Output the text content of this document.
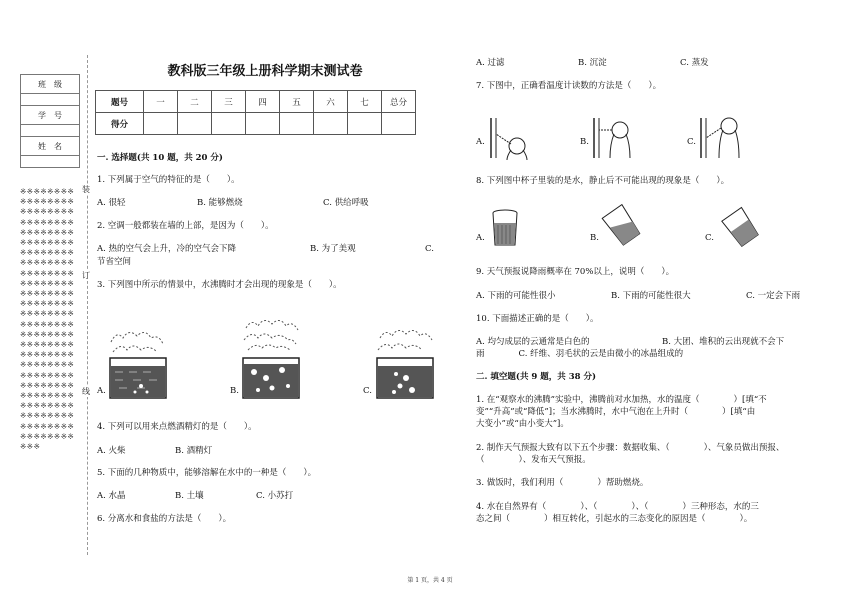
班　级

学　号

姓　名

※※※※※※※※※※※※※※※※※※※※※※※※※※※※※※※※※※※※※※※※※※※※※※※※※※※※※※※※※※※※※※※※※※※※※※※※※※※※※※※※※※※※※※※※※※※※※※※※※※※※※※※※※※※※※※※※※※※※※※※※※※※※※※※※※※※※※※※※※※※※※※※※※※※※※※※※※※※※※※※※※※※※※※※※※※※※※※※※※※※※※※※※※※※※※※※※※※※※※※※※※※※
装
订
线
教科版三年级上册科学期末测试卷
题号	一	二	三	四	五	六	七	总分
得分								
一. 选择题(共 10 题，共 20 分)
1. 下列属于空气的特征的是（　　）。
A. 很轻	B. 能够燃烧	C. 供给呼吸
2. 空调一般都装在墙的上部，是因为（　　）。
A. 热的空气会上升，冷的空气会下降	B. 为了美观	C.
节省空间
3. 下列图中所示的情景中，水沸腾时才会出现的现象是（　　）。
A.	B.	C.
4. 下列可以用来点燃酒精灯的是（　　）。
A. 火柴	B. 酒精灯
5. 下面的几种物质中，能够溶解在水中的一种是（　　）。
A. 水晶	B. 土壤	C. 小苏打
6. 分离水和食盐的方法是（　　）。
A. 过滤	B. 沉淀	C. 蒸发
7. 下图中，正确看温度计读数的方法是（　　）。
A.	B.	C.
8. 下列图中杯子里装的是水，静止后不可能出现的现象是（　　）。
A.	B.	C.
9. 天气预报说降雨概率在 70%以上，说明（　　）。
A. 下雨的可能性很小	B. 下雨的可能性很大	C. 一定会下雨
10. 下面描述正确的是（　　）。
A. 均匀成层的云通常是白色的	B. 大团、堆积的云出现就不会下
雨　　　　C. 纤维、羽毛状的云是由微小的冰晶组成的
二. 填空题(共 9 题，共 38 分)
1. 在“观察水的沸腾”实验中，沸腾前对水加热，水的温度（　　　　）[填“不
变”“升高”或“降低”]；当水沸腾时，水中气泡在上升时（　　　　）[填“由
大变小”或“由小变大”]。
2. 制作天气预报大致有以下五个步骤：数据收集、（　　　　）、气象员做出预报、
（　　　　）、发布天气预报。
3. 做饭时，我们利用（　　　　）帮助燃烧。
4. 水在自然界有（　　　　）、（　　　　）、（　　　　）三种形态，水的三
态之间（　　　　）相互转化，引起水的三态变化的原因是（　　　　）。
第 1 页，共 4 页
